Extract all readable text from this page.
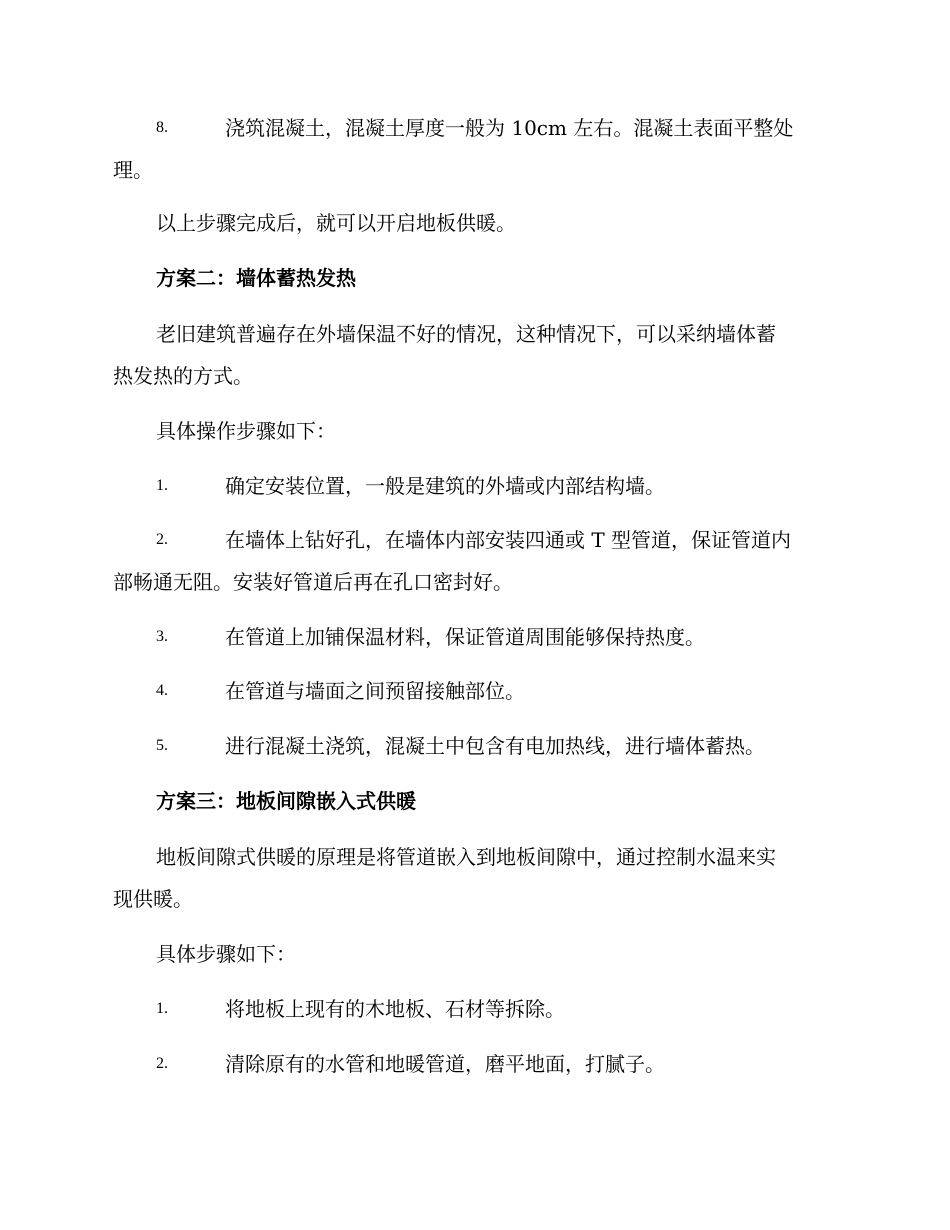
8.	浇筑混凝土，混凝土厚度一般为 10cm 左右。混凝土表面平整处
理。

以上步骤完成后，就可以开启地板供暖。

方案二：墙体蓄热发热

老旧建筑普遍存在外墙保温不好的情况，这种情况下，可以采纳墙体蓄
热发热的方式。

具体操作步骤如下：

1.	确定安装位置，一般是建筑的外墙或内部结构墙。
2.	在墙体上钻好孔，在墙体内部安装四通或 T 型管道，保证管道内
部畅通无阻。安装好管道后再在孔口密封好。
3.	在管道上加铺保温材料，保证管道周围能够保持热度。
4.	在管道与墙面之间预留接触部位。
5.	进行混凝土浇筑，混凝土中包含有电加热线，进行墙体蓄热。

方案三：地板间隙嵌入式供暖

地板间隙式供暖的原理是将管道嵌入到地板间隙中，通过控制水温来实
现供暖。

具体步骤如下：

1.	将地板上现有的木地板、石材等拆除。
2.	清除原有的水管和地暖管道，磨平地面，打腻子。
